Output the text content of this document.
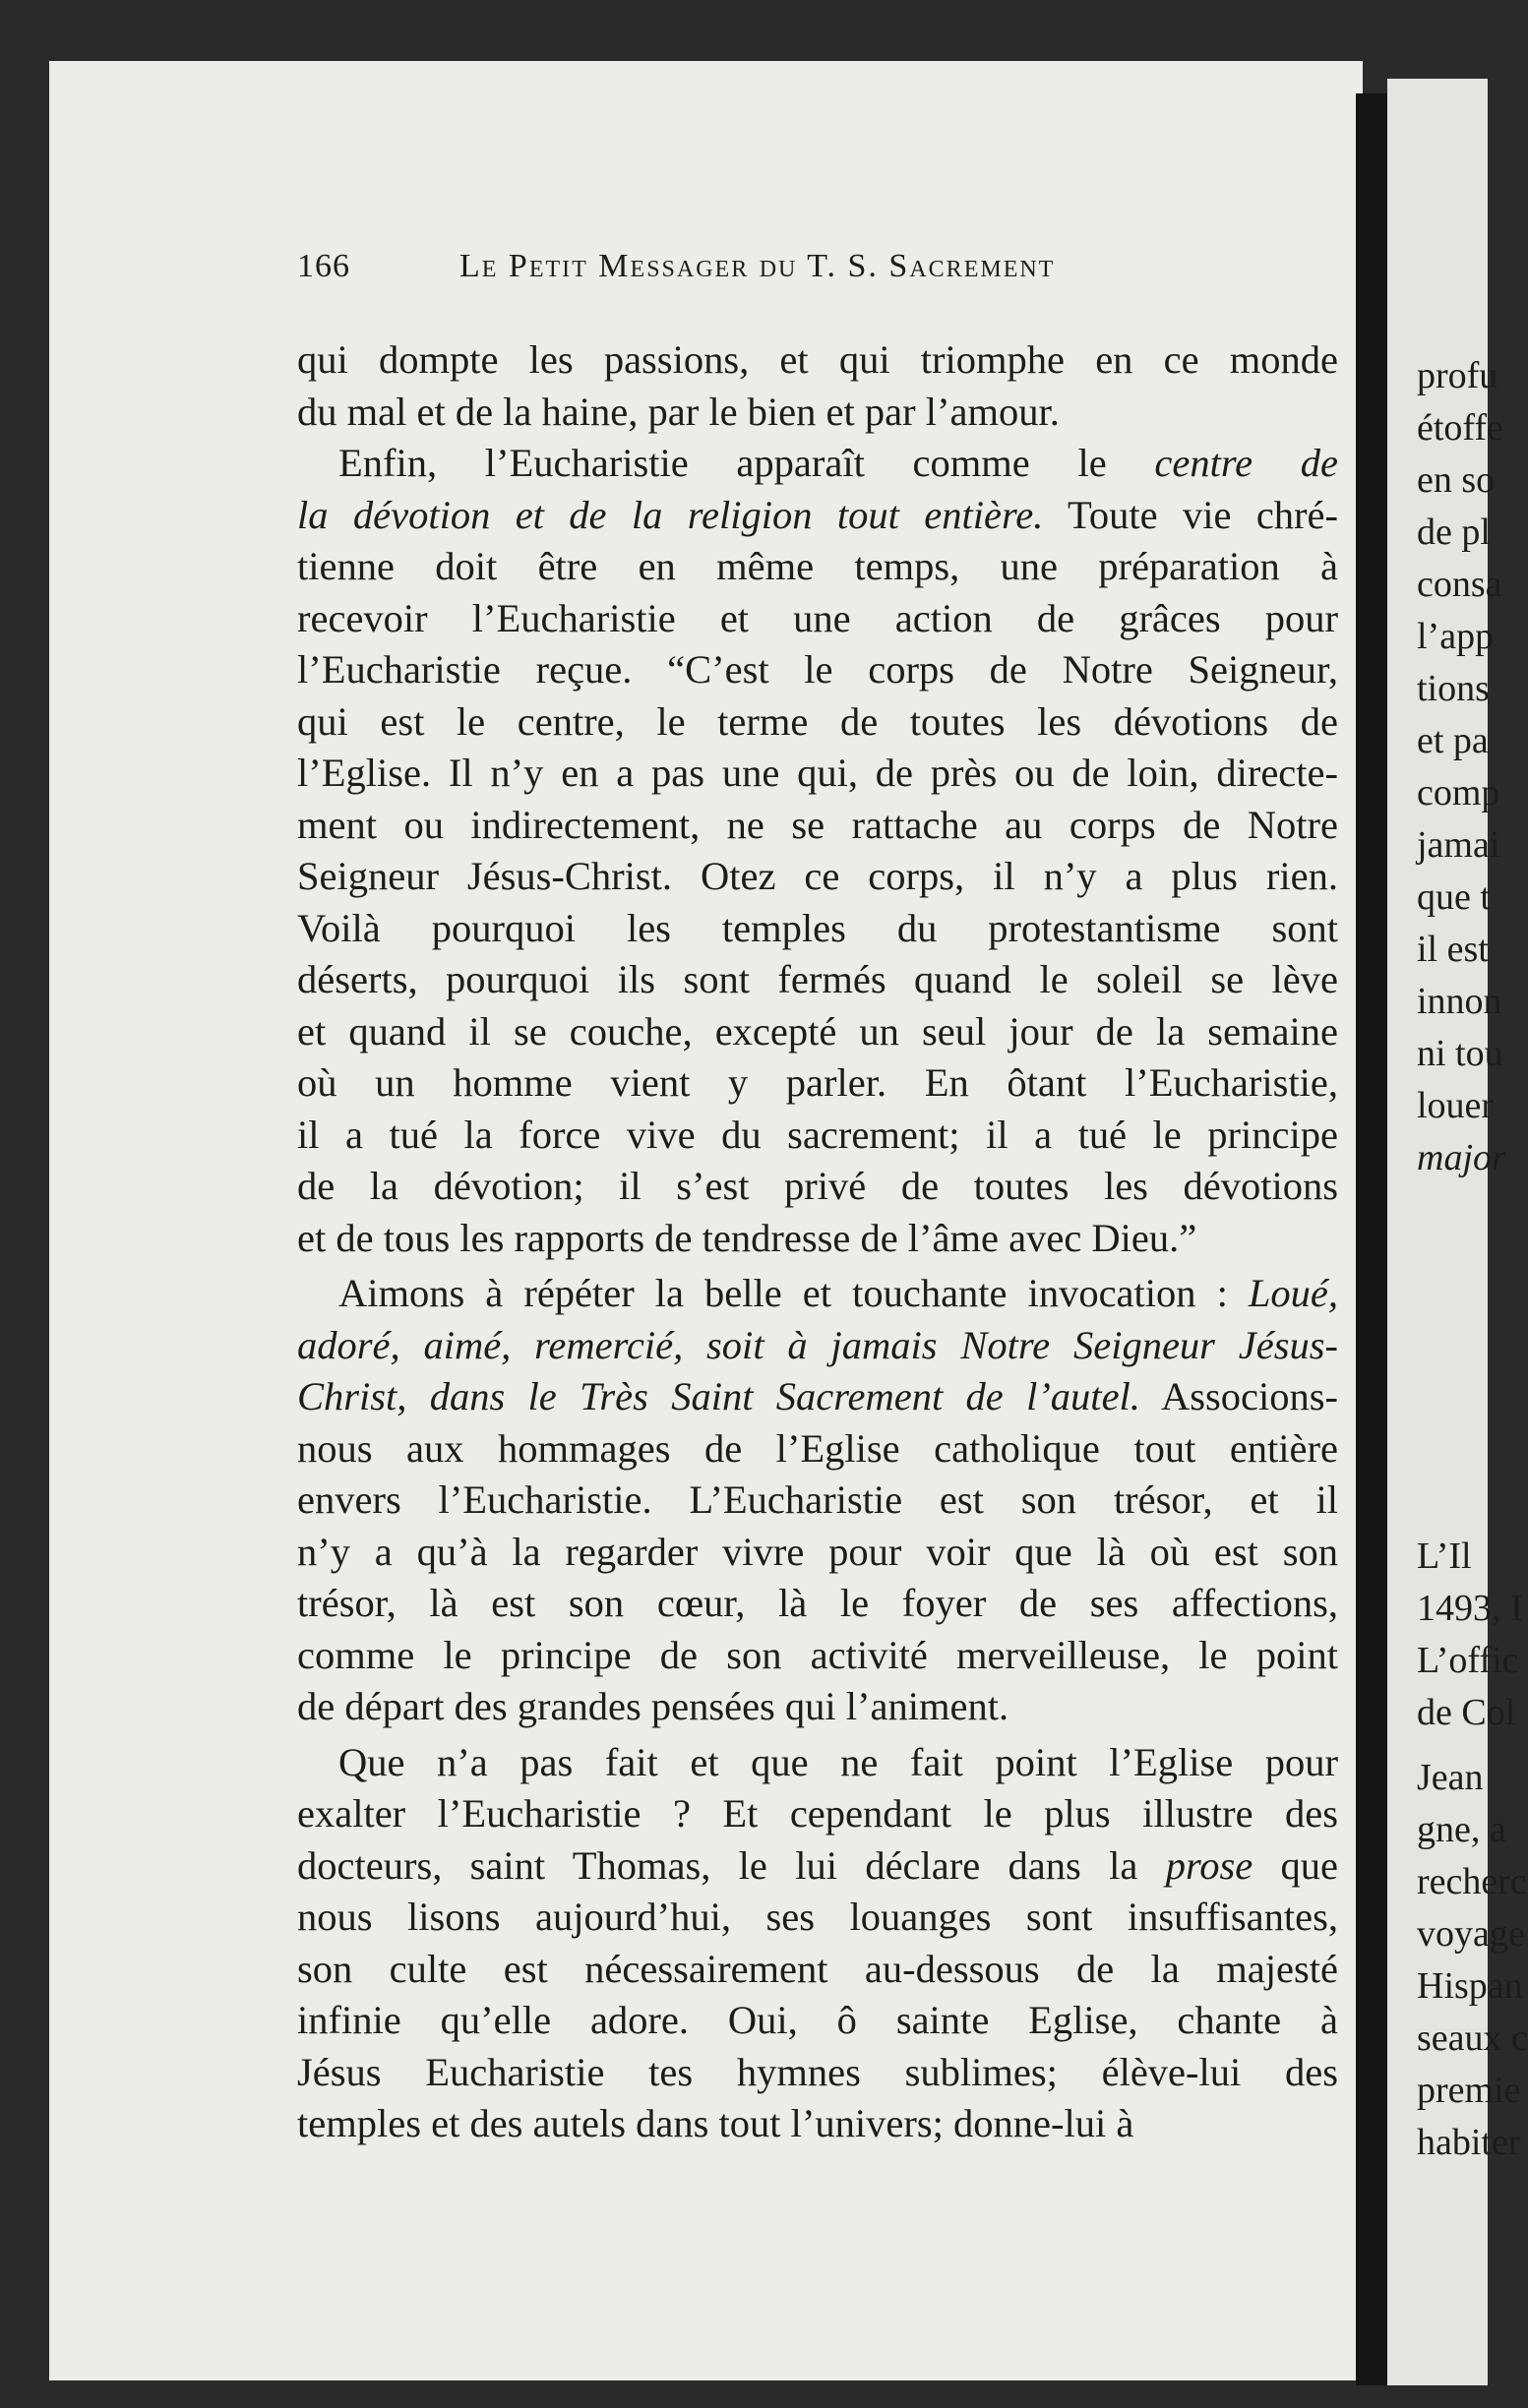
profu
étoffe
en so
de pl
consa
l’app
tions
et pa
comp
jamai
que t
il est
innon
ni tou
louer
major
L’Il
1493, I
L’offic
de Col
Jean
gne, a
recherc
voyage
Hispan
seaux c
premie
habiter
166	Le Petit Messager du T. S. Sacrement
qui dompte les passions, et qui triomphe en ce monde
du mal et de la haine, par le bien et par l’amour.
Enfin, l’Eucharistie apparaît comme le centre de
la dévotion et de la religion tout entière. Toute vie chré-
tienne doit être en même temps, une préparation à
recevoir l’Eucharistie et une action de grâces pour
l’Eucharistie reçue. “C’est le corps de Notre Seigneur,
qui est le centre, le terme de toutes les dévotions de
l’Eglise. Il n’y en a pas une qui, de près ou de loin, directe-
ment ou indirectement, ne se rattache au corps de Notre
Seigneur Jésus-Christ. Otez ce corps, il n’y a plus rien.
Voilà pourquoi les temples du protestantisme sont
déserts, pourquoi ils sont fermés quand le soleil se lève
et quand il se couche, excepté un seul jour de la semaine
où un homme vient y parler. En ôtant l’Eucharistie,
il a tué la force vive du sacrement; il a tué le principe
de la dévotion; il s’est privé de toutes les dévotions
et de tous les rapports de tendresse de l’âme avec Dieu.”
Aimons à répéter la belle et touchante invocation : Loué,
adoré, aimé, remercié, soit à jamais Notre Seigneur Jésus-
Christ, dans le Très Saint Sacrement de l’autel. Associons-
nous aux hommages de l’Eglise catholique tout entière
envers l’Eucharistie. L’Eucharistie est son trésor, et il
n’y a qu’à la regarder vivre pour voir que là où est son
trésor, là est son cœur, là le foyer de ses affections,
comme le principe de son activité merveilleuse, le point
de départ des grandes pensées qui l’animent.
Que n’a pas fait et que ne fait point l’Eglise pour
exalter l’Eucharistie ? Et cependant le plus illustre des
docteurs, saint Thomas, le lui déclare dans la prose que
nous lisons aujourd’hui, ses louanges sont insuffisantes,
son culte est nécessairement au-dessous de la majesté
infinie qu’elle adore. Oui, ô sainte Eglise, chante à
Jésus Eucharistie tes hymnes sublimes; élève-lui des
temples et des autels dans tout l’univers; donne-lui à
